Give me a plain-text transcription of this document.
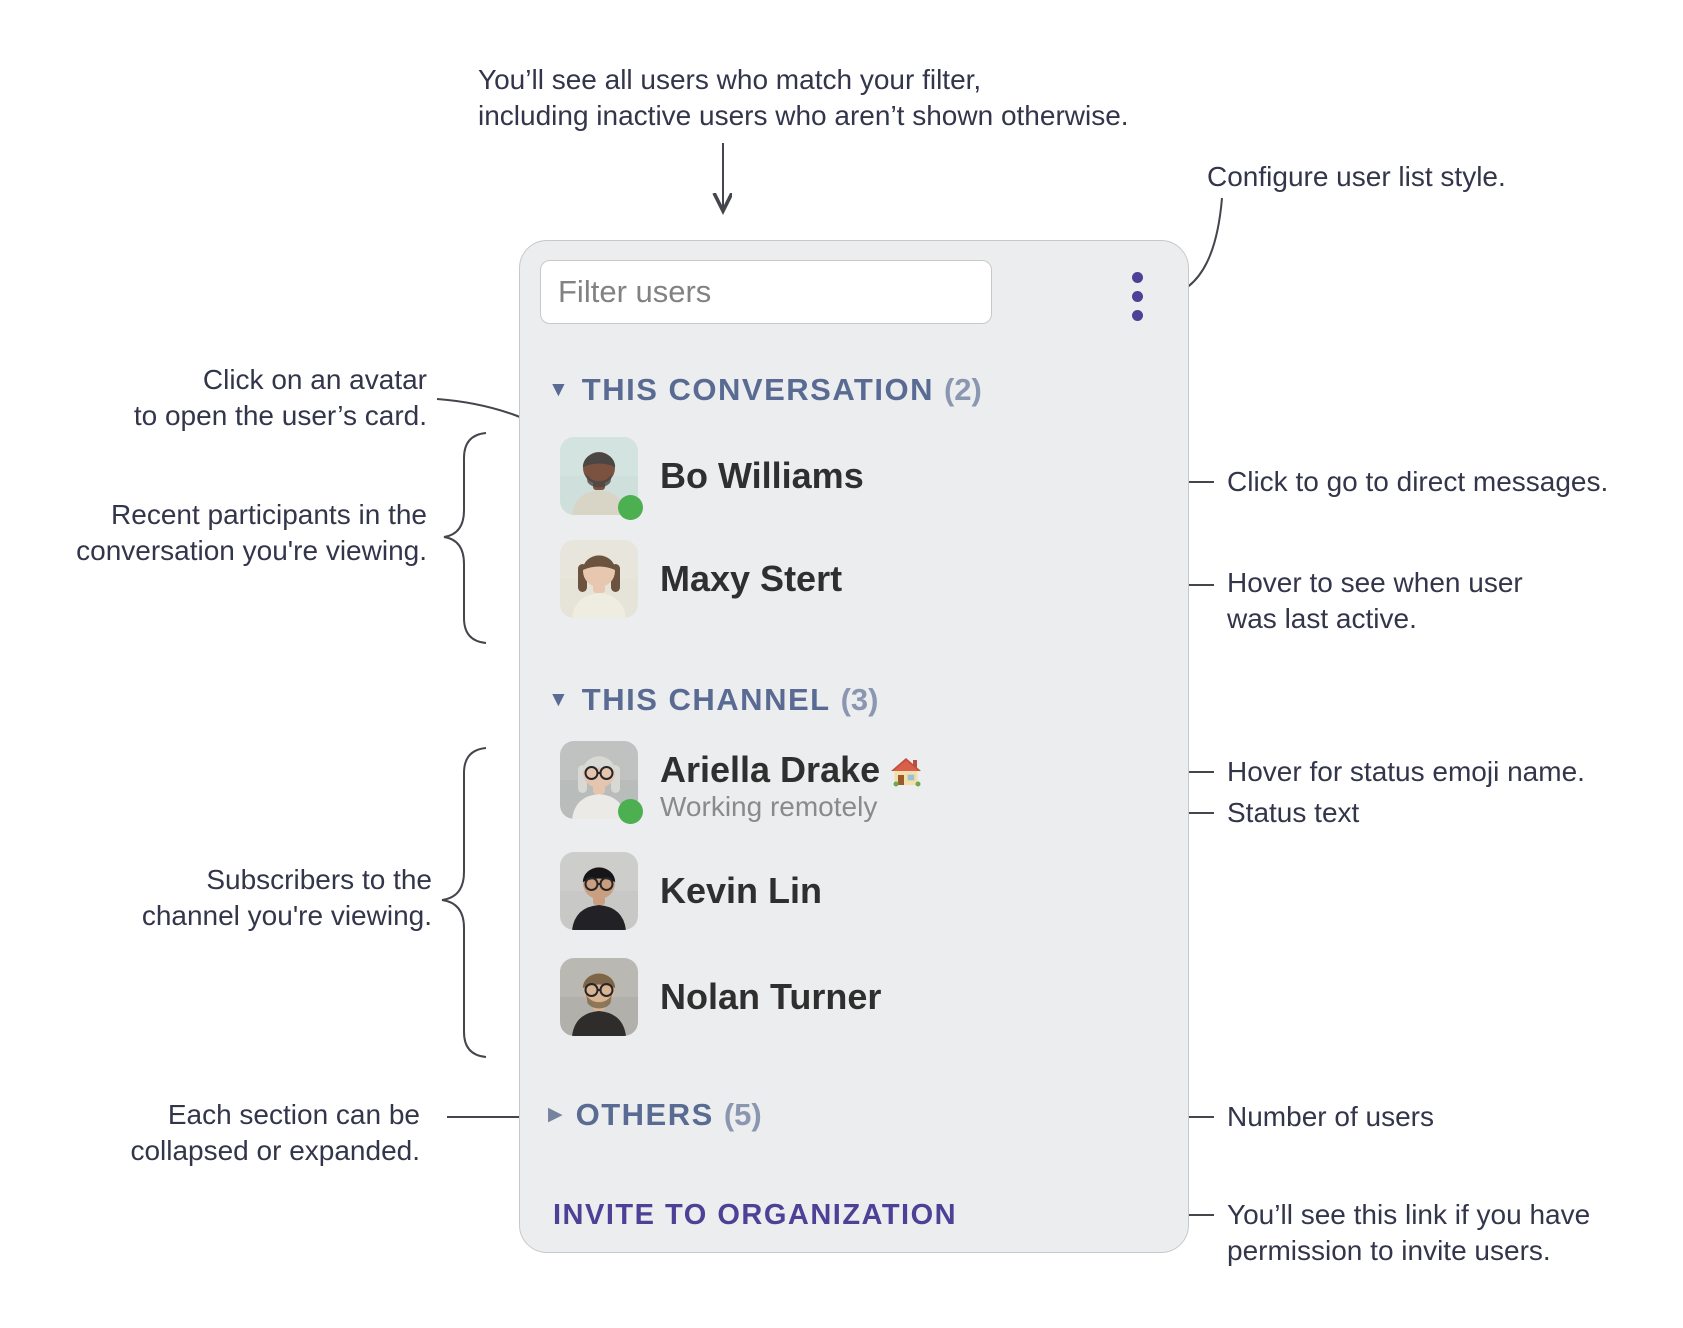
You’ll see all users who match your filter,
including inactive users who aren’t shown otherwise.
Configure user list style.
Click on an avatar
to open the user’s card.
Recent participants in the
conversation you're viewing.
Click to go to direct messages.
Hover to see when user
was last active.
Hover for status emoji name.
Status text
Subscribers to the
channel you're viewing.
Each section can be
collapsed or expanded.
Number of users
You’ll see this link if you have
permission to invite users.
Filter users
▼ THIS CONVERSATION (2)
Bo Williams
Maxy Stert
▼ THIS CHANNEL (3)
Ariella Drake
Working remotely
Kevin Lin
Nolan Turner
▶ OTHERS (5)
INVITE TO ORGANIZATION
